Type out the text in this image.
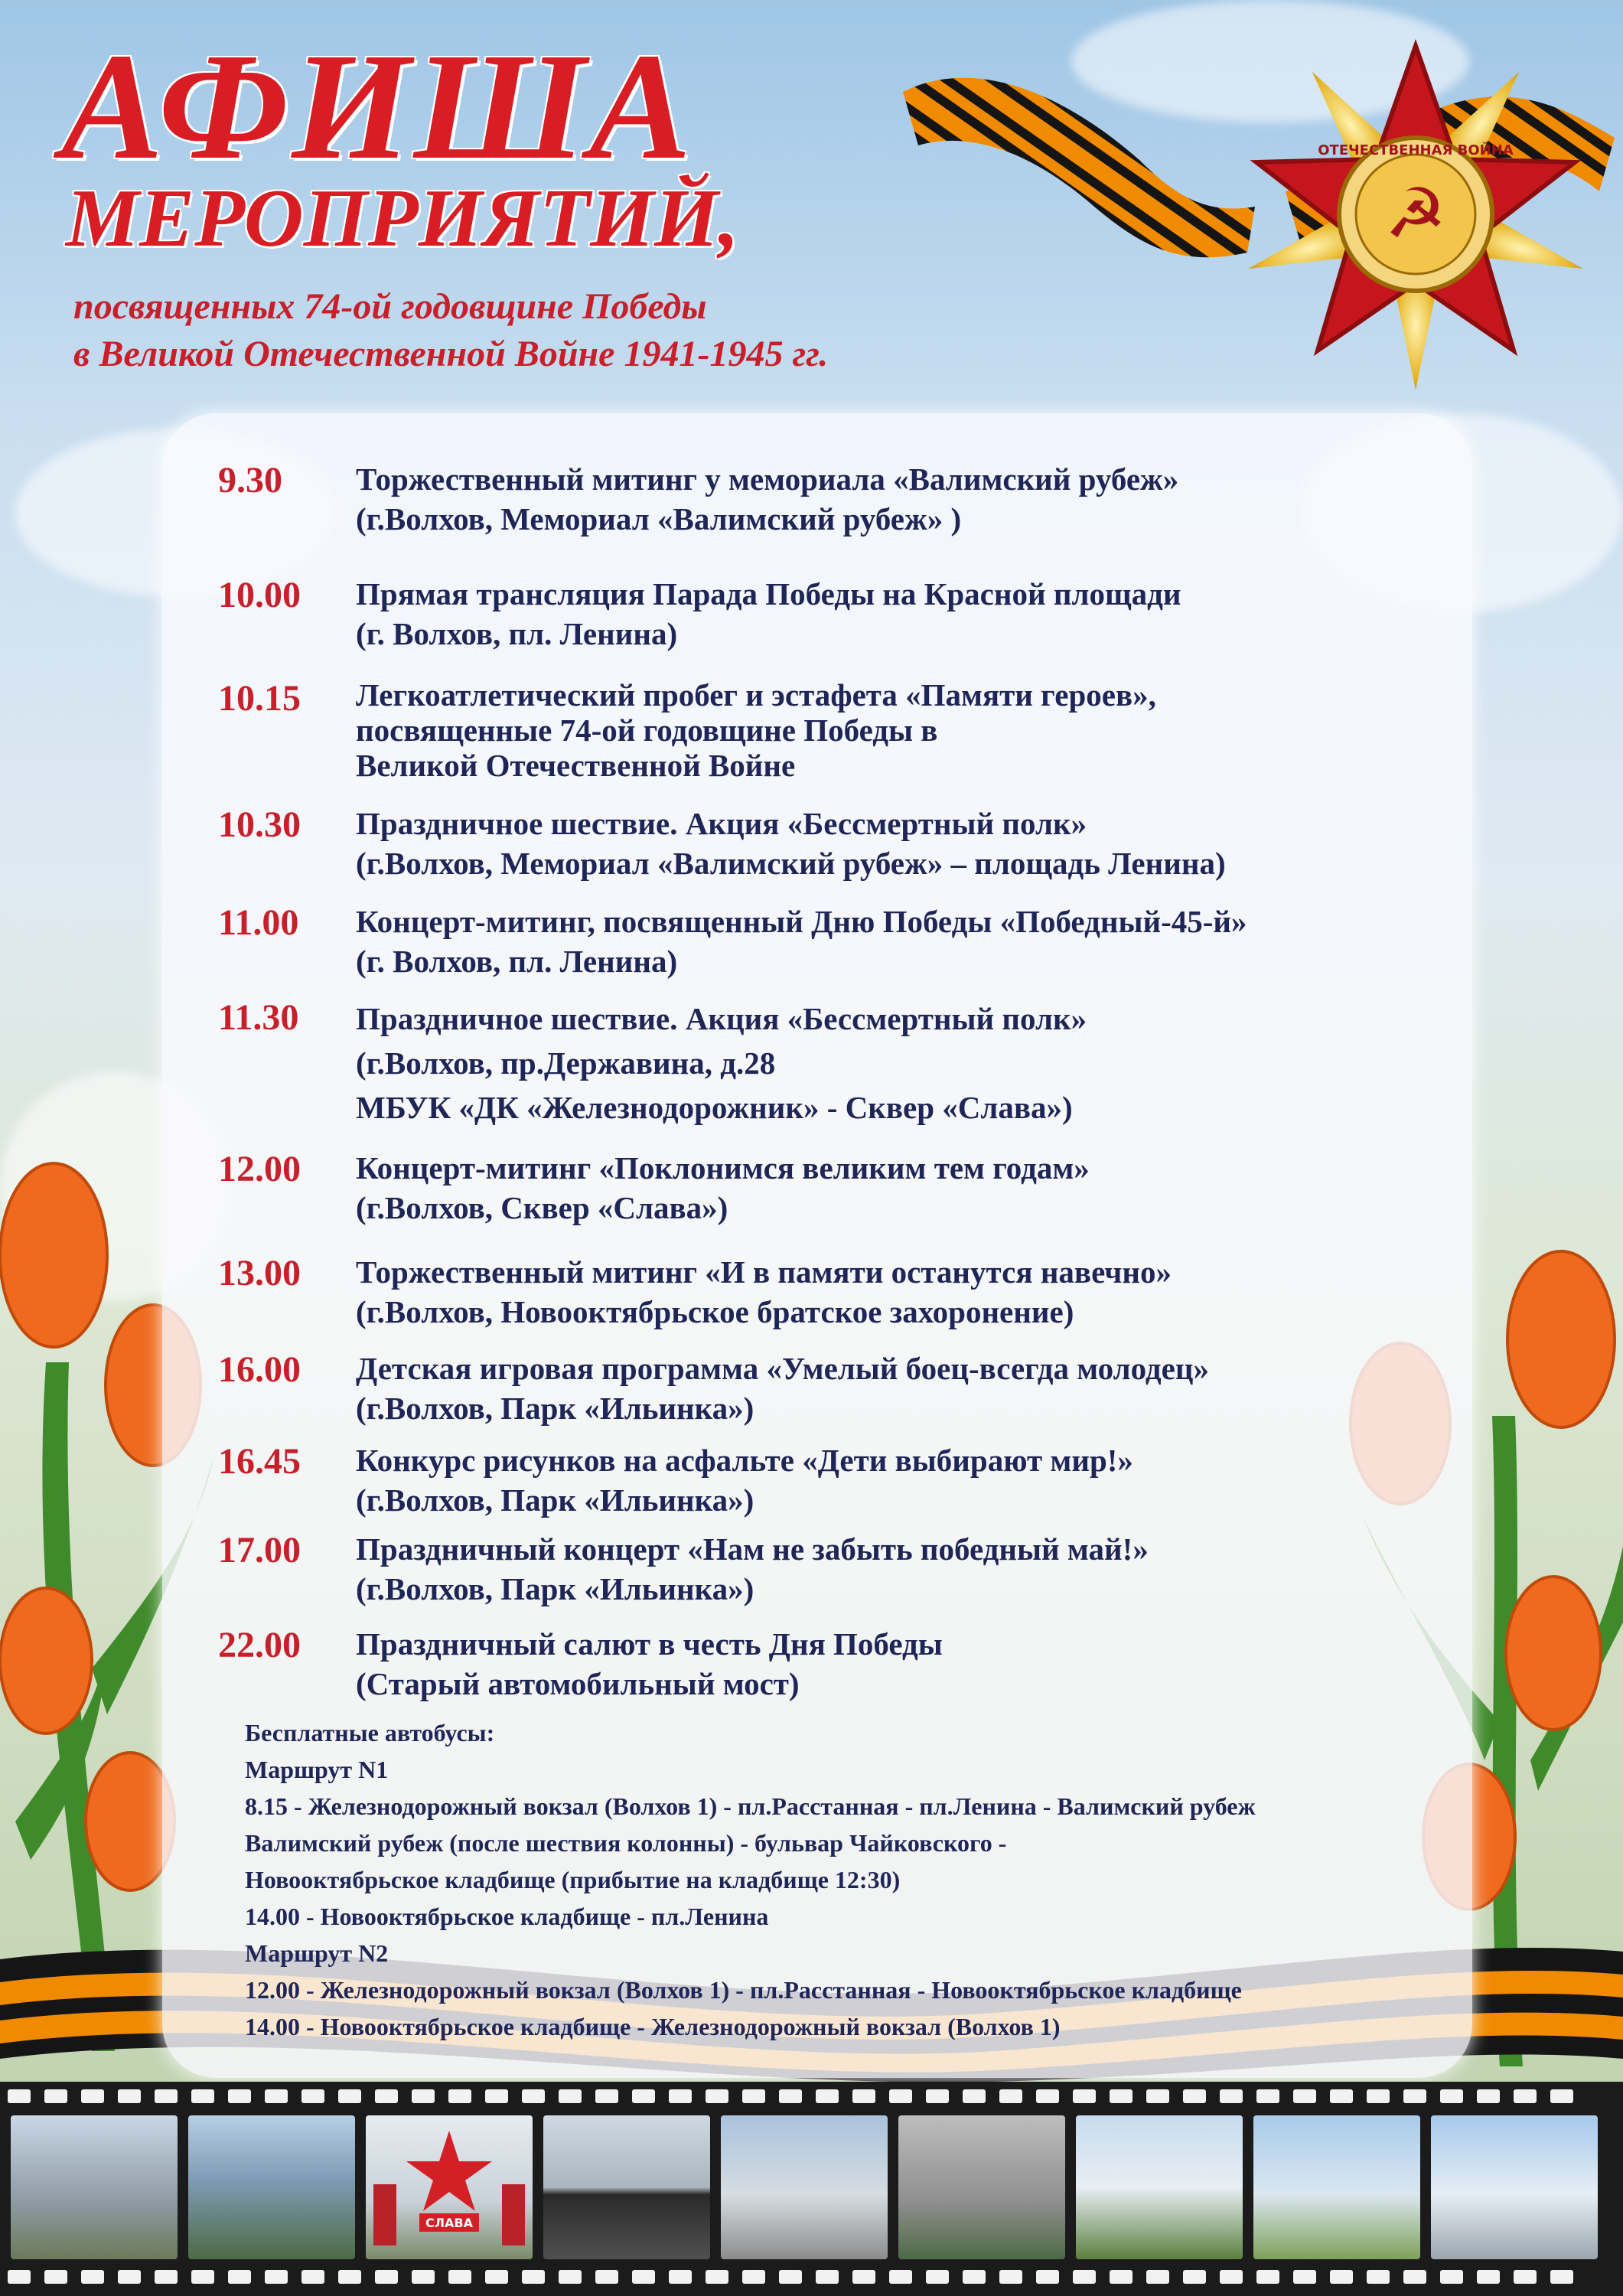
АФИША
МЕРОПРИЯТИЙ,
посвященных 74-ой годовщине Победы
в Великой Отечественной Войне 1941-1945 гг.
ОТЕЧЕСТВЕННАЯ ВОЙНА
☭
9.30	Торжественный митинг у мемориала «Валимский рубеж»
(г.Волхов, Мемориал «Валимский рубеж» )
10.00	Прямая трансляция Парада Победы на Красной площади
(г. Волхов, пл. Ленина)
10.15	Легкоатлетический пробег и эстафета «Памяти героев»,
посвященные 74-ой годовщине Победы в
Великой Отечественной Войне
10.30	Праздничное шествие. Акция «Бессмертный полк»
(г.Волхов, Мемориал «Валимский рубеж» – площадь Ленина)
11.00	Концерт-митинг, посвященный Дню Победы «Победный-45-й»
(г. Волхов, пл. Ленина)
11.30	Праздничное шествие. Акция «Бессмертный полк»
(г.Волхов, пр.Державина, д.28
МБУК «ДК «Железнодорожник» - Сквер «Слава»)
12.00	Концерт-митинг «Поклонимся великим тем годам»
(г.Волхов, Сквер «Слава»)
13.00	Торжественный митинг «И в памяти останутся навечно»
(г.Волхов, Новооктябрьское братское захоронение)
16.00	Детская игровая программа «Умелый боец-всегда молодец»
(г.Волхов, Парк «Ильинка»)
16.45	Конкурс рисунков на асфальте «Дети выбирают мир!»
(г.Волхов, Парк «Ильинка»)
17.00	Праздничный концерт «Нам не забыть победный май!»
(г.Волхов, Парк «Ильинка»)
22.00	Праздничный салют в честь Дня Победы
(Старый автомобильный мост)
Бесплатные автобусы:
Маршрут N1
8.15 - Железнодорожный вокзал (Волхов 1) - пл.Расстанная - пл.Ленина - Валимский рубеж
Валимский рубеж (после шествия колонны) - бульвар Чайковского -
Новооктябрьское кладбище (прибытие на кладбище 12:30)
14.00 - Новооктябрьское кладбище - пл.Ленина
Маршрут N2
12.00 - Железнодорожный вокзал (Волхов 1) - пл.Расстанная - Новооктябрьское кладбище
14.00 - Новооктябрьское кладбище - Железнодорожный вокзал (Волхов 1)
СЛАВА
